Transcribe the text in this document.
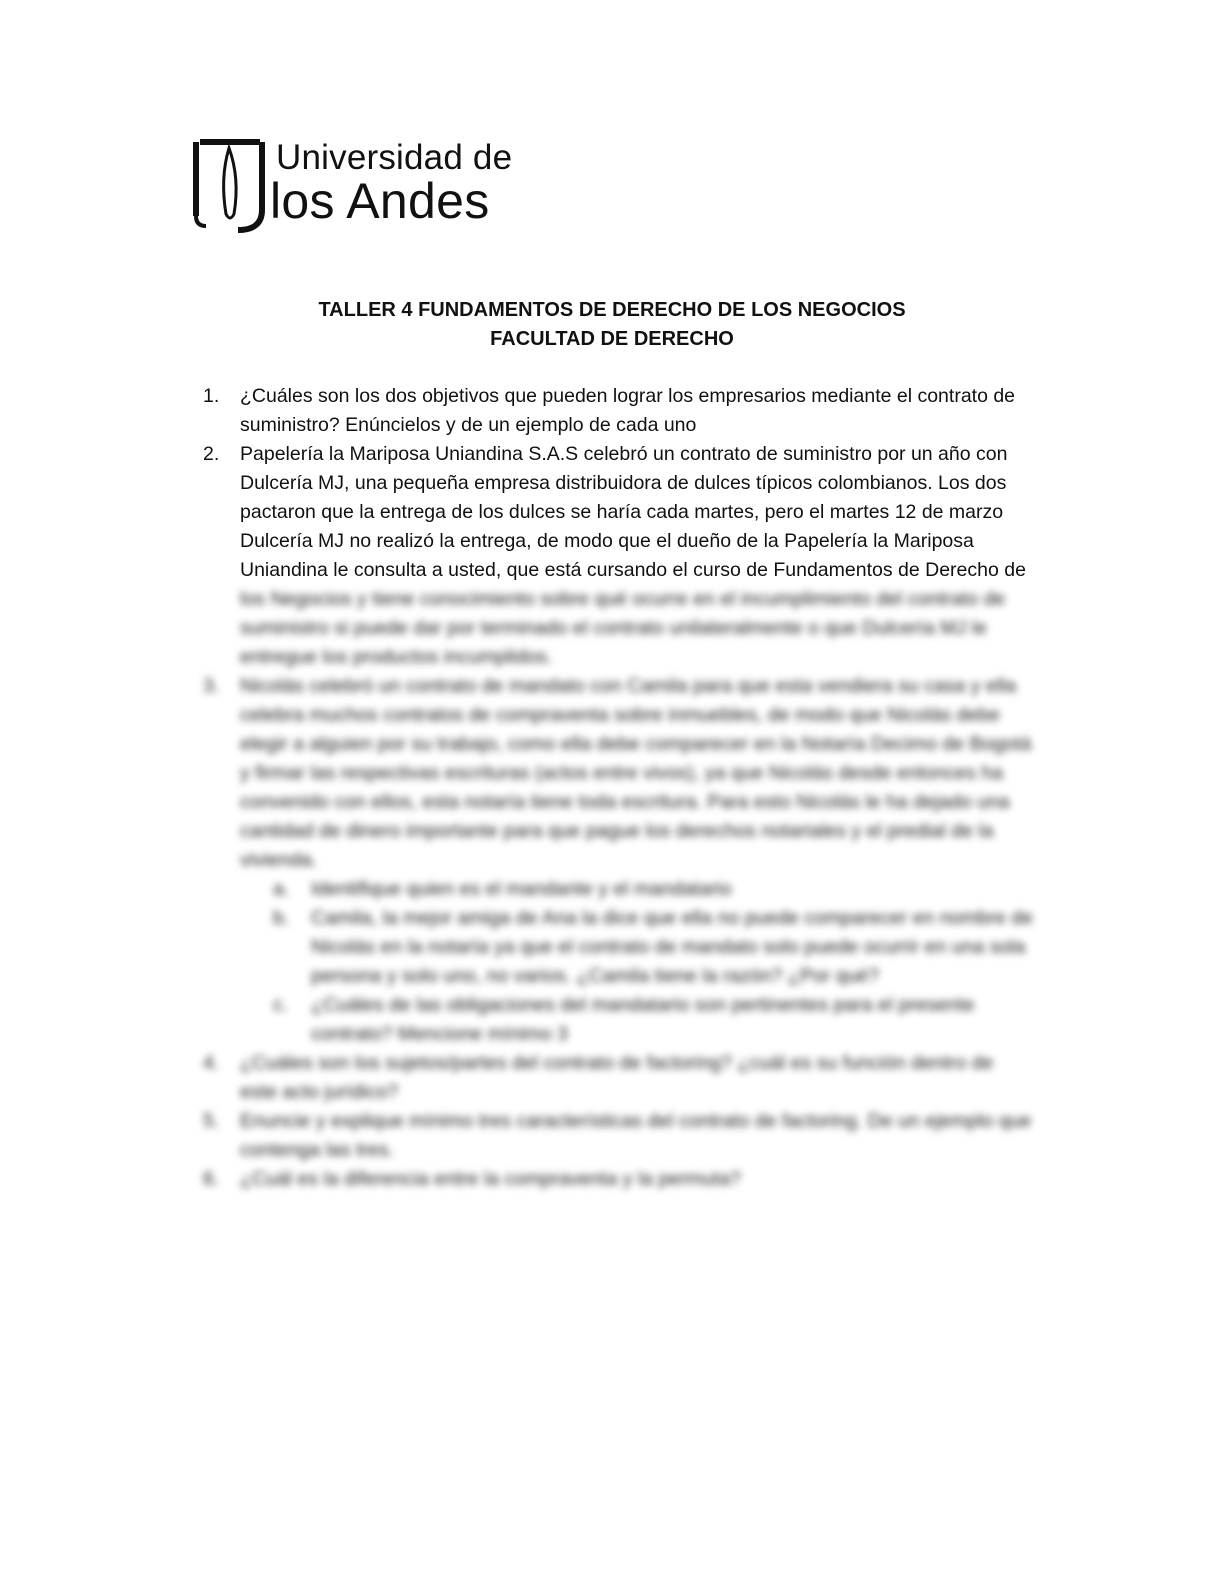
Universidad de
los Andes
TALLER 4 FUNDAMENTOS DE DERECHO DE LOS NEGOCIOS
FACULTAD DE DERECHO
1. ¿Cuáles son los dos objetivos que pueden lograr los empresarios mediante el contrato de suministro? Enúncielos y de un ejemplo de cada uno
2. Papelería la Mariposa Uniandina S.A.S celebró un contrato de suministro por un año con Dulcería MJ, una pequeña empresa distribuidora de dulces típicos colombianos. Los dos pactaron que la entrega de los dulces se haría cada martes, pero el martes 12 de marzo Dulcería MJ no realizó la entrega, de modo que el dueño de la Papelería la Mariposa Uniandina le consulta a usted, que está cursando el curso de Fundamentos de Derecho de los Negocios y tiene conocimiento sobre qué ocurre en el incumplimiento del contrato de suministro si puede dar por terminado el contrato unilateralmente o que Dulcería MJ le entregue los productos incumplidos.
3. Nicolás celebró un contrato de mandato con Camila para que esta vendiera su casa y ella celebra muchos contratos de compraventa sobre inmuebles, de modo que Nicolás debe elegir a alguien por su trabajo, como ella debe comparecer en la Notaría Decimo de Bogotá y firmar las respectivas escrituras (actos entre vivos), ya que Nicolás desde entonces ha convenido con ellos, esta notaría tiene toda escritura. Para esto Nicolás le ha dejado una cantidad de dinero importante para que pague los derechos notariales y el predial de la vivienda.
a. Identifique quien es el mandante y el mandatario
b. Camila, la mejor amiga de Ana la dice que ella no puede comparecer en nombre de Nicolás en la notaría ya que el contrato de mandato solo puede ocurrir en una sola persona y solo uno, no varios. ¿Camila tiene la razón? ¿Por qué?
c. ¿Cuáles de las obligaciones del mandatario son pertinentes para el presente contrato? Mencione mínimo 3
4. ¿Cuáles son los sujetos/partes del contrato de factoring? ¿cuál es su función dentro de este acto jurídico?
5. Enuncie y explique mínimo tres características del contrato de factoring. De un ejemplo que contenga las tres.
6. ¿Cuál es la diferencia entre la compraventa y la permuta?
